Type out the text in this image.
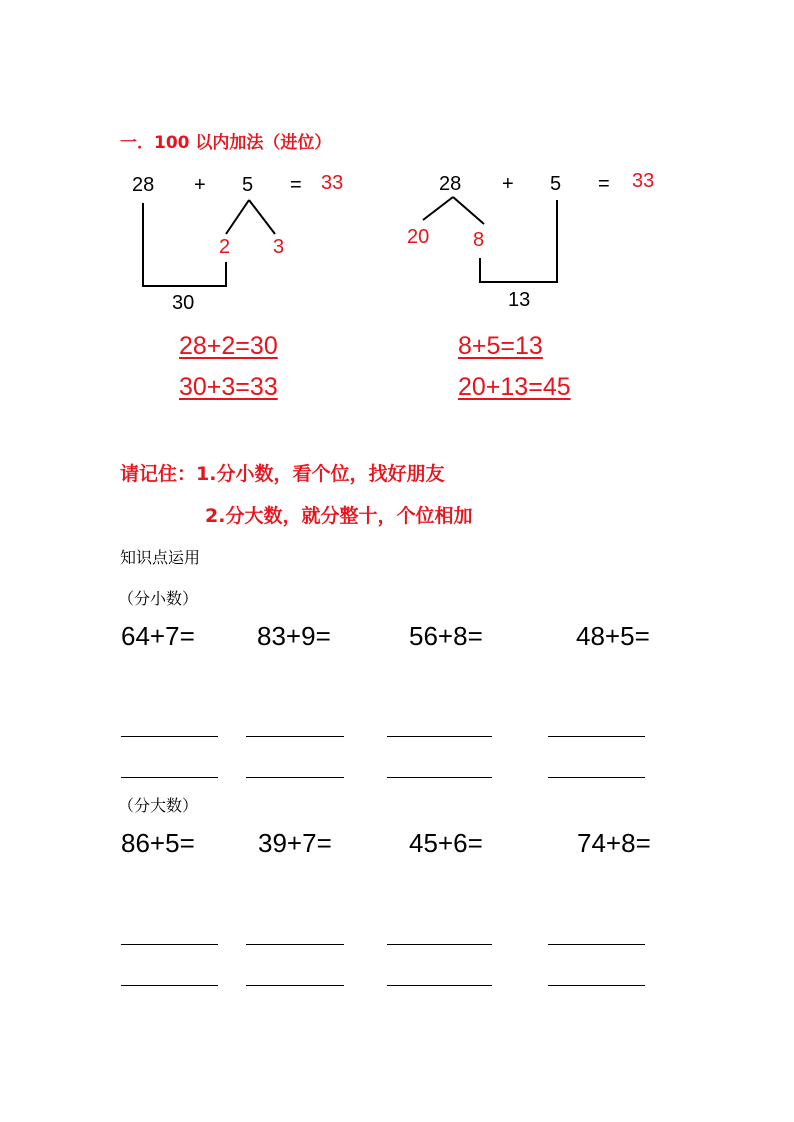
一．100 以内加法（进位）
28 + 5 = 33
2 3
30
28 + 5 = 33
20 8
13
28+2=30
30+3=33
8+5=13
20+13=45
请记住：1.分小数，看个位，找好朋友
2.分大数，就分整十，个位相加
知识点运用
（分小数）
64+7= 83+9=	56+8=	48+5=
（分大数）
86+5= 39+7=	45+6=	74+8=
